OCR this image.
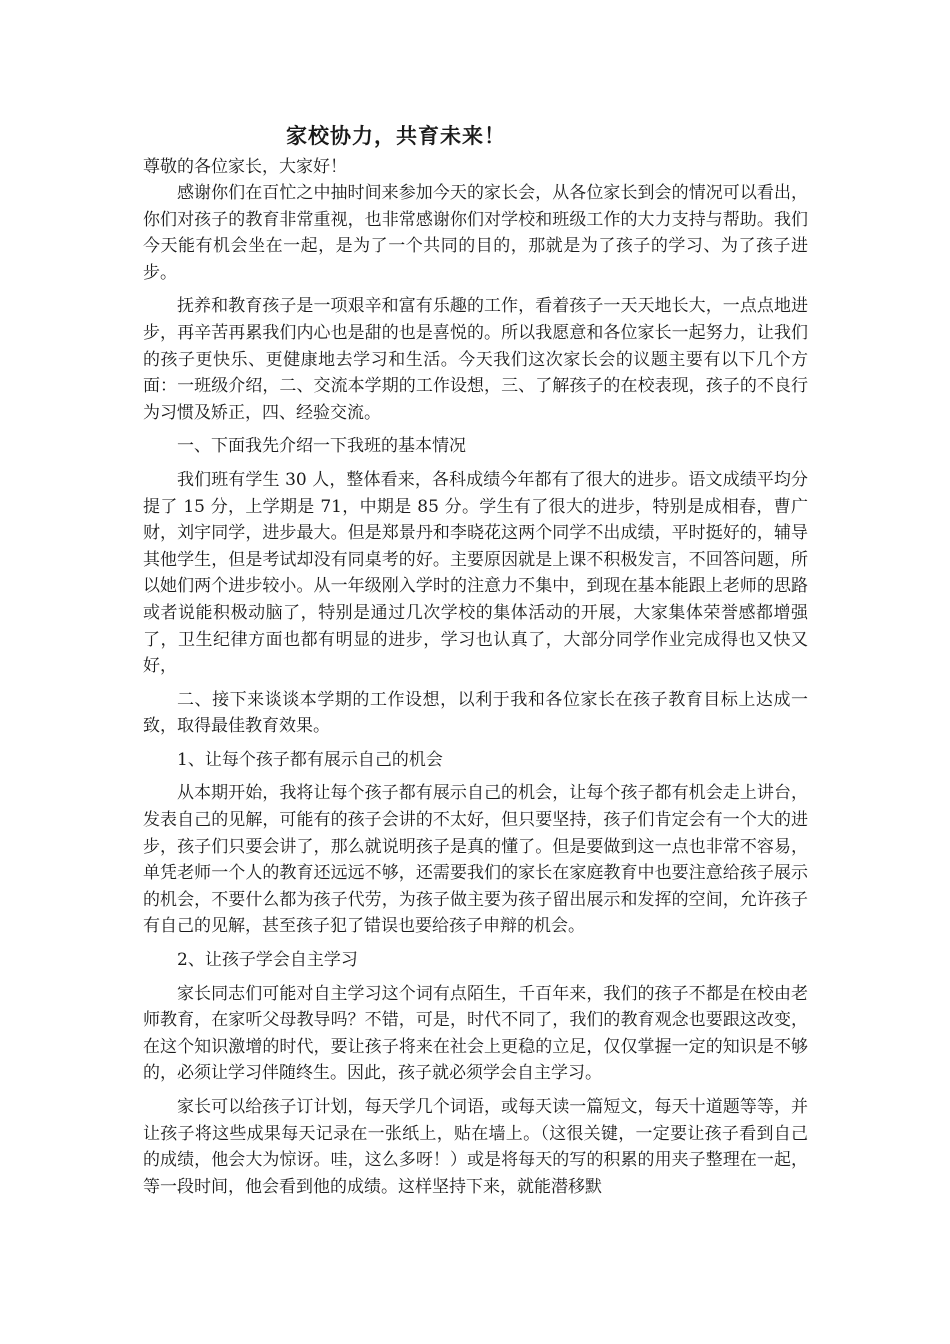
家校协力，共育未来！

尊敬的各位家长，大家好！

感谢你们在百忙之中抽时间来参加今天的家长会，从各位家长到会的情况可以看出，你们对孩子的教育非常重视，也非常感谢你们对学校和班级工作的大力支持与帮助。我们今天能有机会坐在一起，是为了一个共同的目的，那就是为了孩子的学习、为了孩子进步。

抚养和教育孩子是一项艰辛和富有乐趣的工作，看着孩子一天天地长大，一点点地进步，再辛苦再累我们内心也是甜的也是喜悦的。所以我愿意和各位家长一起努力，让我们的孩子更快乐、更健康地去学习和生活。今天我们这次家长会的议题主要有以下几个方面：一班级介绍，二、交流本学期的工作设想，三、了解孩子的在校表现，孩子的不良行为习惯及矫正，四、经验交流。

一、下面我先介绍一下我班的基本情况

我们班有学生 30 人，整体看来，各科成绩今年都有了很大的进步。语文成绩平均分提了 15 分，上学期是 71，中期是 85 分。学生有了很大的进步，特别是成相春，曹广财，刘宇同学，进步最大。但是郑景丹和李晓花这两个同学不出成绩，平时挺好的，辅导其他学生，但是考试却没有同桌考的好。主要原因就是上课不积极发言，不回答问题，所以她们两个进步较小。从一年级刚入学时的注意力不集中，到现在基本能跟上老师的思路或者说能积极动脑了，特别是通过几次学校的集体活动的开展，大家集体荣誉感都增强了，卫生纪律方面也都有明显的进步，学习也认真了，大部分同学作业完成得也又快又好，

二、接下来谈谈本学期的工作设想，以利于我和各位家长在孩子教育目标上达成一致，取得最佳教育效果。

1、让每个孩子都有展示自己的机会

从本期开始，我将让每个孩子都有展示自己的机会，让每个孩子都有机会走上讲台，发表自己的见解，可能有的孩子会讲的不太好，但只要坚持，孩子们肯定会有一个大的进步，孩子们只要会讲了，那么就说明孩子是真的懂了。但是要做到这一点也非常不容易，单凭老师一个人的教育还远远不够，还需要我们的家长在家庭教育中也要注意给孩子展示的机会，不要什么都为孩子代劳，为孩子做主要为孩子留出展示和发挥的空间，允许孩子有自己的见解，甚至孩子犯了错误也要给孩子申辩的机会。

2、让孩子学会自主学习

家长同志们可能对自主学习这个词有点陌生，千百年来，我们的孩子不都是在校由老师教育，在家听父母教导吗？不错，可是，时代不同了，我们的教育观念也要跟这改变，在这个知识激增的时代，要让孩子将来在社会上更稳的立足，仅仅掌握一定的知识是不够的，必须让学习伴随终生。因此，孩子就必须学会自主学习。

家长可以给孩子订计划，每天学几个词语，或每天读一篇短文，每天十道题等等，并让孩子将这些成果每天记录在一张纸上，贴在墙上。（这很关键，一定要让孩子看到自己的成绩，他会大为惊讶。哇，这么多呀！）或是将每天的写的积累的用夹子整理在一起，等一段时间，他会看到他的成绩。这样坚持下来，就能潜移默
